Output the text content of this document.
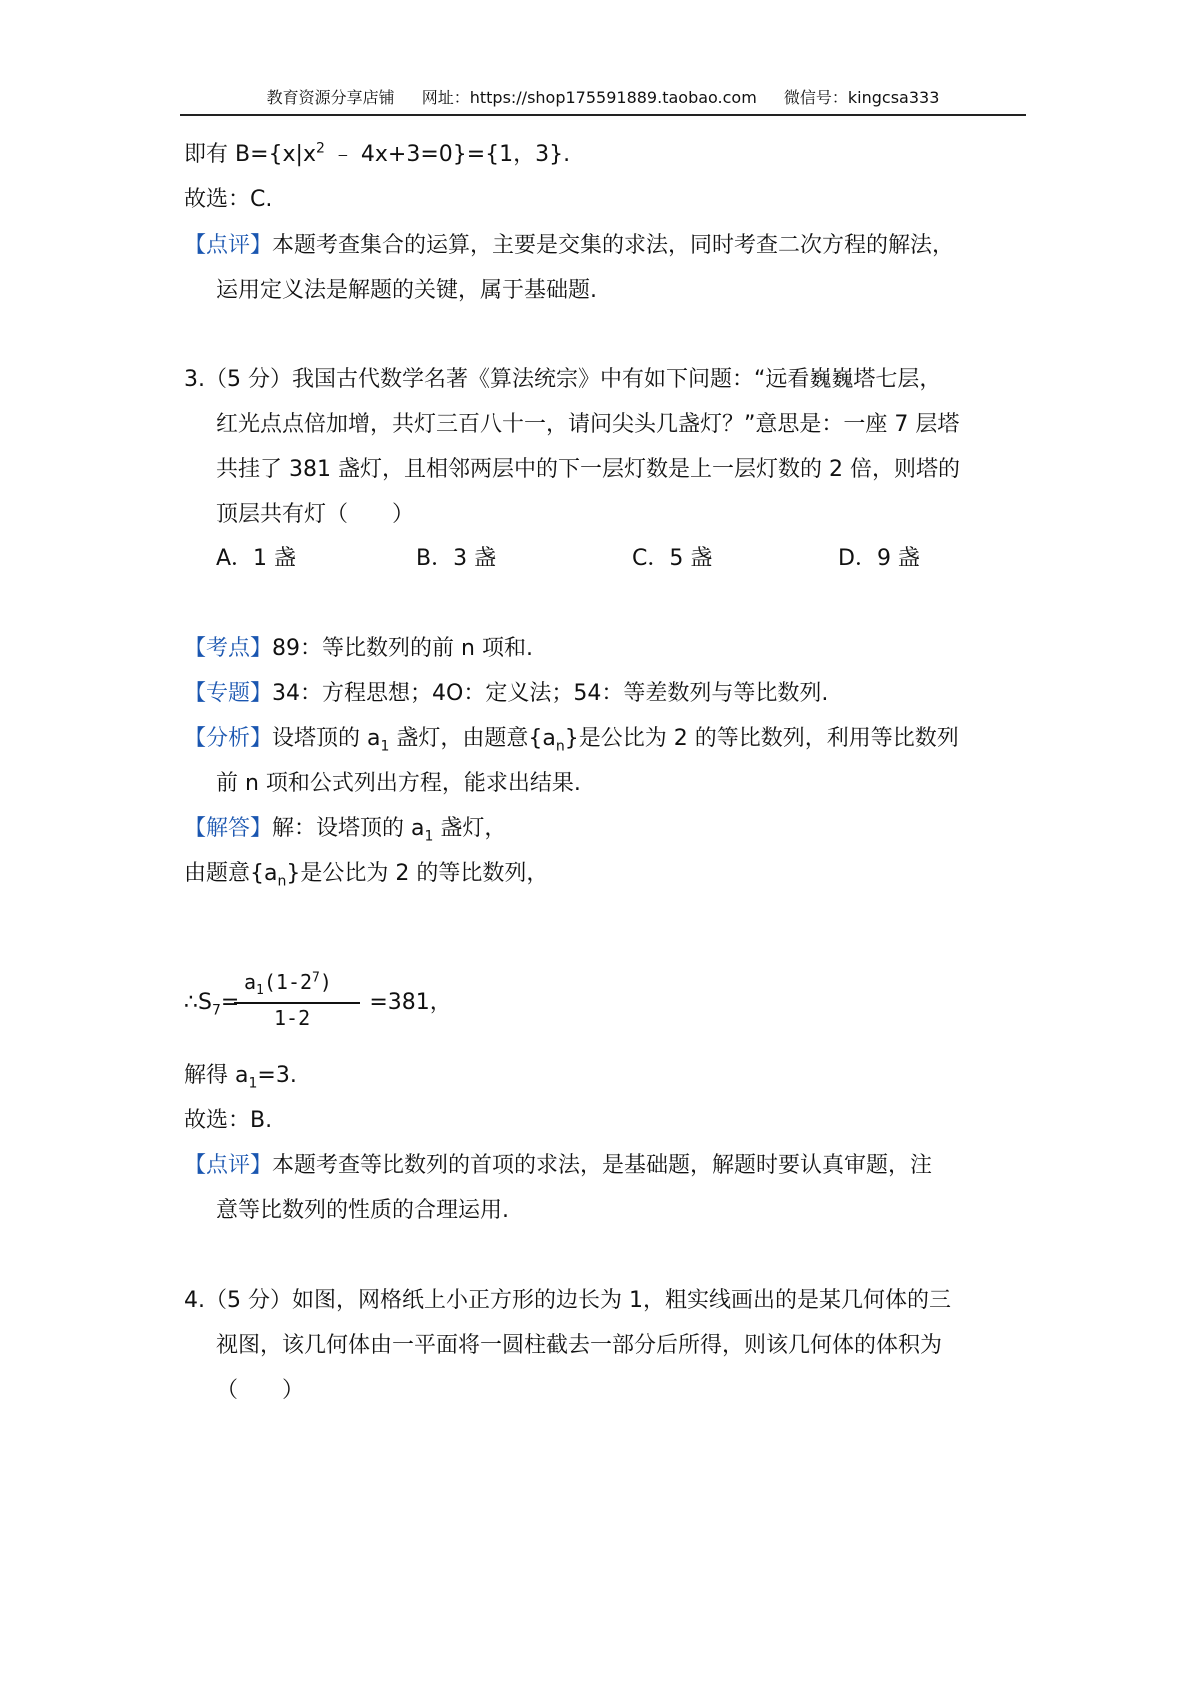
教育资源分享店铺 网址：https://shop175591889.taobao.com 微信号：kingcsa333
即有 $B=\{x|x^2$ ﹣ 4x+3=0}={1，3}.
故选：C.
【点评】本题考查集合的运算，主要是交集的求法，同时考查二次方程的解法，
运用定义法是解题的关键，属于基础题.
3.（5 分）我国古代数学名著《算法统宗》中有如下问题：“远看巍巍塔七层，
红光点点倍加增，共灯三百八十一，请问尖头几盏灯？”意思是：一座 7 层塔
共挂了 381 盏灯，且相邻两层中的下一层灯数是上一层灯数的 2 倍，则塔的
顶层共有灯（　　）
A．1 盏	B．3 盏	C．5 盏	D．9 盏
【考点】89：等比数列的前 n 项和.
【专题】34：方程思想；4O：定义法；54：等差数列与等比数列.
【分析】设塔顶的 $a_1$ 盏灯，由题意$\{a_n\}$是公比为 2 的等比数列，利用等比数列
前 n 项和公式列出方程，能求出结果.
【解答】解：设塔顶的 $a_1$ 盏灯，
由题意$\{a_n\}$是公比为 2 的等比数列，
$\therefore S_7=$	=381，
$a_1(1-2^7)$
1-2
解得 $a_1=3$.
故选：B.
【点评】本题考查等比数列的首项的求法，是基础题，解题时要认真审题，注
意等比数列的性质的合理运用.
4.（5 分）如图，网格纸上小正方形的边长为 1，粗实线画出的是某几何体的三
视图，该几何体由一平面将一圆柱截去一部分后所得，则该几何体的体积为
（　　）
